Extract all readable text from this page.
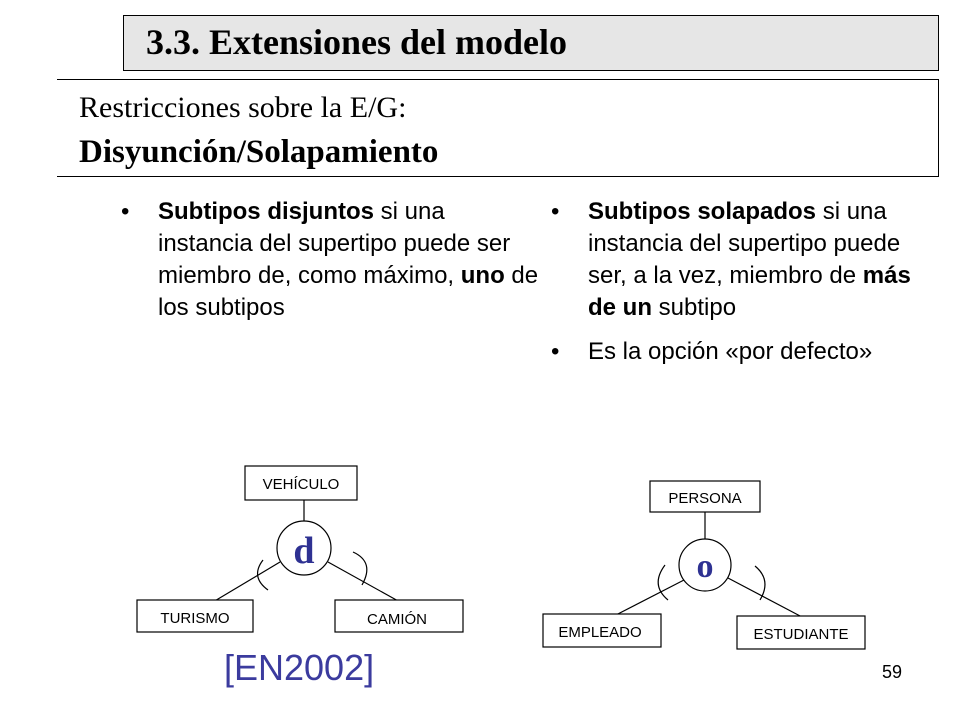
3.3. Extensiones del modelo
Restricciones sobre la E/G:
Disyunción/Solapamiento
• Subtipos disjuntos si una instancia del supertipo puede ser miembro de, como máximo, uno de los subtipos
• Subtipos solapados si una instancia del supertipo puede ser, a la vez, miembro de más de un subtipo
• Es la opción «por defecto»
VEHÍCULO
d
TURISMO	CAMIÓN
PERSONA
o
EMPLEADO	ESTUDIANTE
[EN2002]	59
